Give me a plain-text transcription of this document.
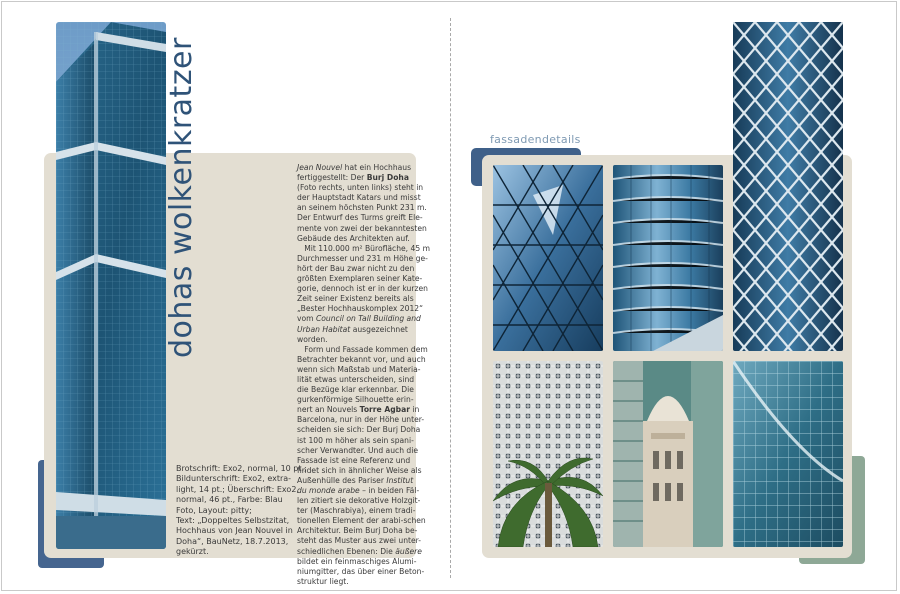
dohas wolkenkratzer
Brotschrift: Exo2, normal, 10 pt.;
Bildunterschrift: Exo2, extra-
light, 14 pt.; Überschrift: Exo2,
normal, 46 pt., Farbe: Blau
Foto, Layout: pitty;
Text: „Doppeltes Selbstzitat,
Hochhaus von Jean Nouvel in
Doha“, BauNetz, 18.7.2013,
gekürzt.
Jean Nouvel hat ein Hochhaus
fertiggestellt: Der Burj Doha
(Foto rechts, unten links) steht in
der Hauptstadt Katars und misst
an seinem höchsten Punkt 231 m.
Der Entwurf des Turms greift Ele-
mente von zwei der bekanntesten
Gebäude des Architekten auf.
Mit 110.000 m² Bürofläche, 45 m
Durchmesser und 231 m Höhe ge-
hört der Bau zwar nicht zu den
größten Exemplaren seiner Kate-
gorie, dennoch ist er in der kurzen
Zeit seiner Existenz bereits als
„Bester Hochhauskomplex 2012“
vom Council on Tall Building and
Urban Habitat ausgezeichnet
worden.
Form und Fassade kommen dem
Betrachter bekannt vor, und auch
wenn sich Maßstab und Materia-
lität etwas unterscheiden, sind
die Bezüge klar erkennbar. Die
gurkenförmige Silhouette erin-
nert an Nouvels Torre Agbar in
Barcelona, nur in der Höhe unter-
scheiden sie sich: Der Burj Doha
ist 100 m höher als sein spani-
scher Verwandter. Und auch die
Fassade ist eine Referenz und
findet sich in ähnlicher Weise als
Außenhülle des Pariser Institut
du monde arabe – in beiden Fäl-
len zitiert sie dekorative Holzgit-
ter (Maschrabiya), einem tradi-
tionellen Element der arabi-schen
Architektur. Beim Burj Doha be-
steht das Muster aus zwei unter-
schiedlichen Ebenen: Die äußere
bildet ein feinmaschiges Alumi-
niumgitter, das über einer Beton-
struktur liegt.
fassadendetails
